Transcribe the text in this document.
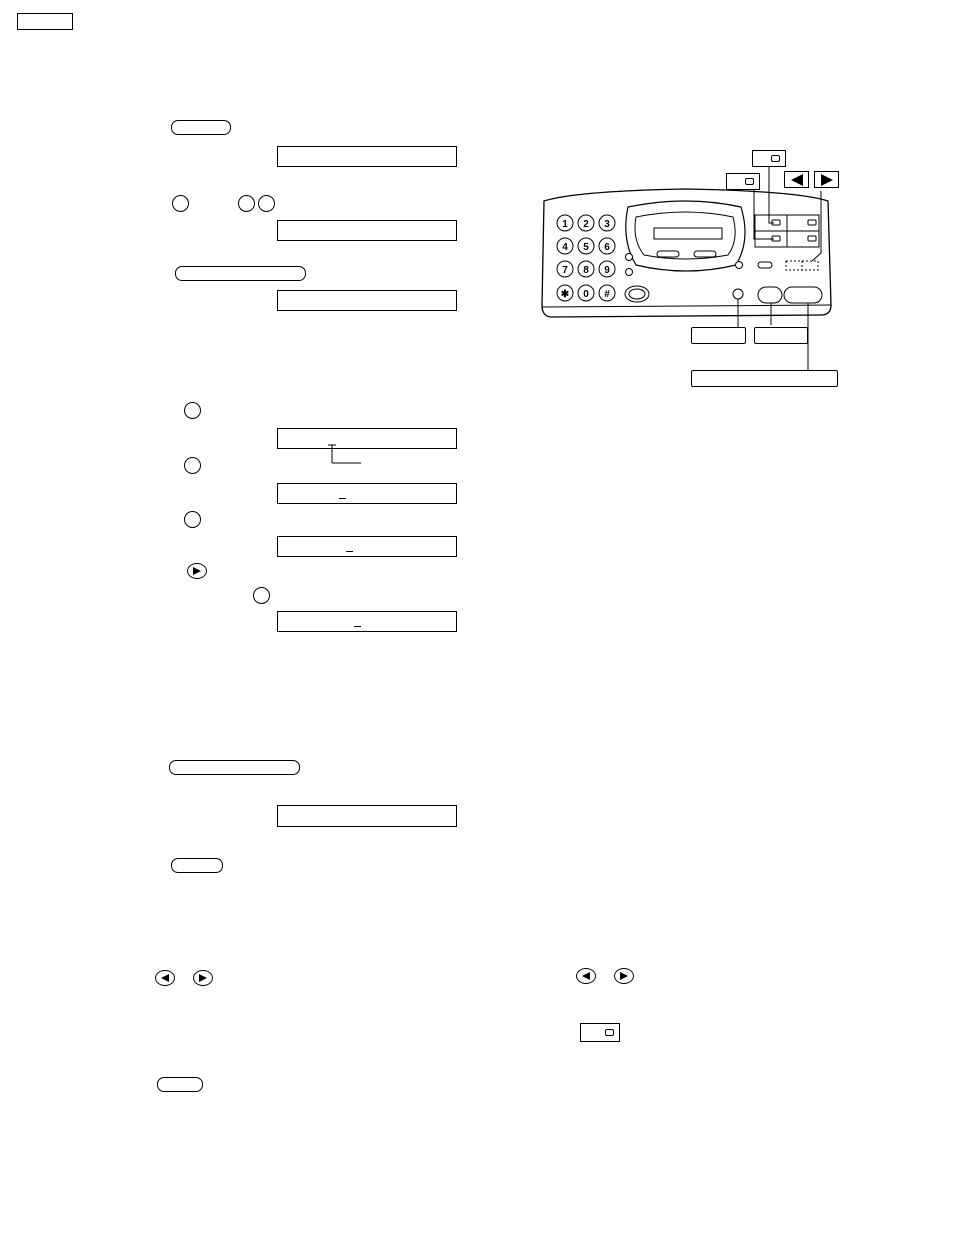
1 2 3
4 5 6
7 8 9
✱ 0 #
